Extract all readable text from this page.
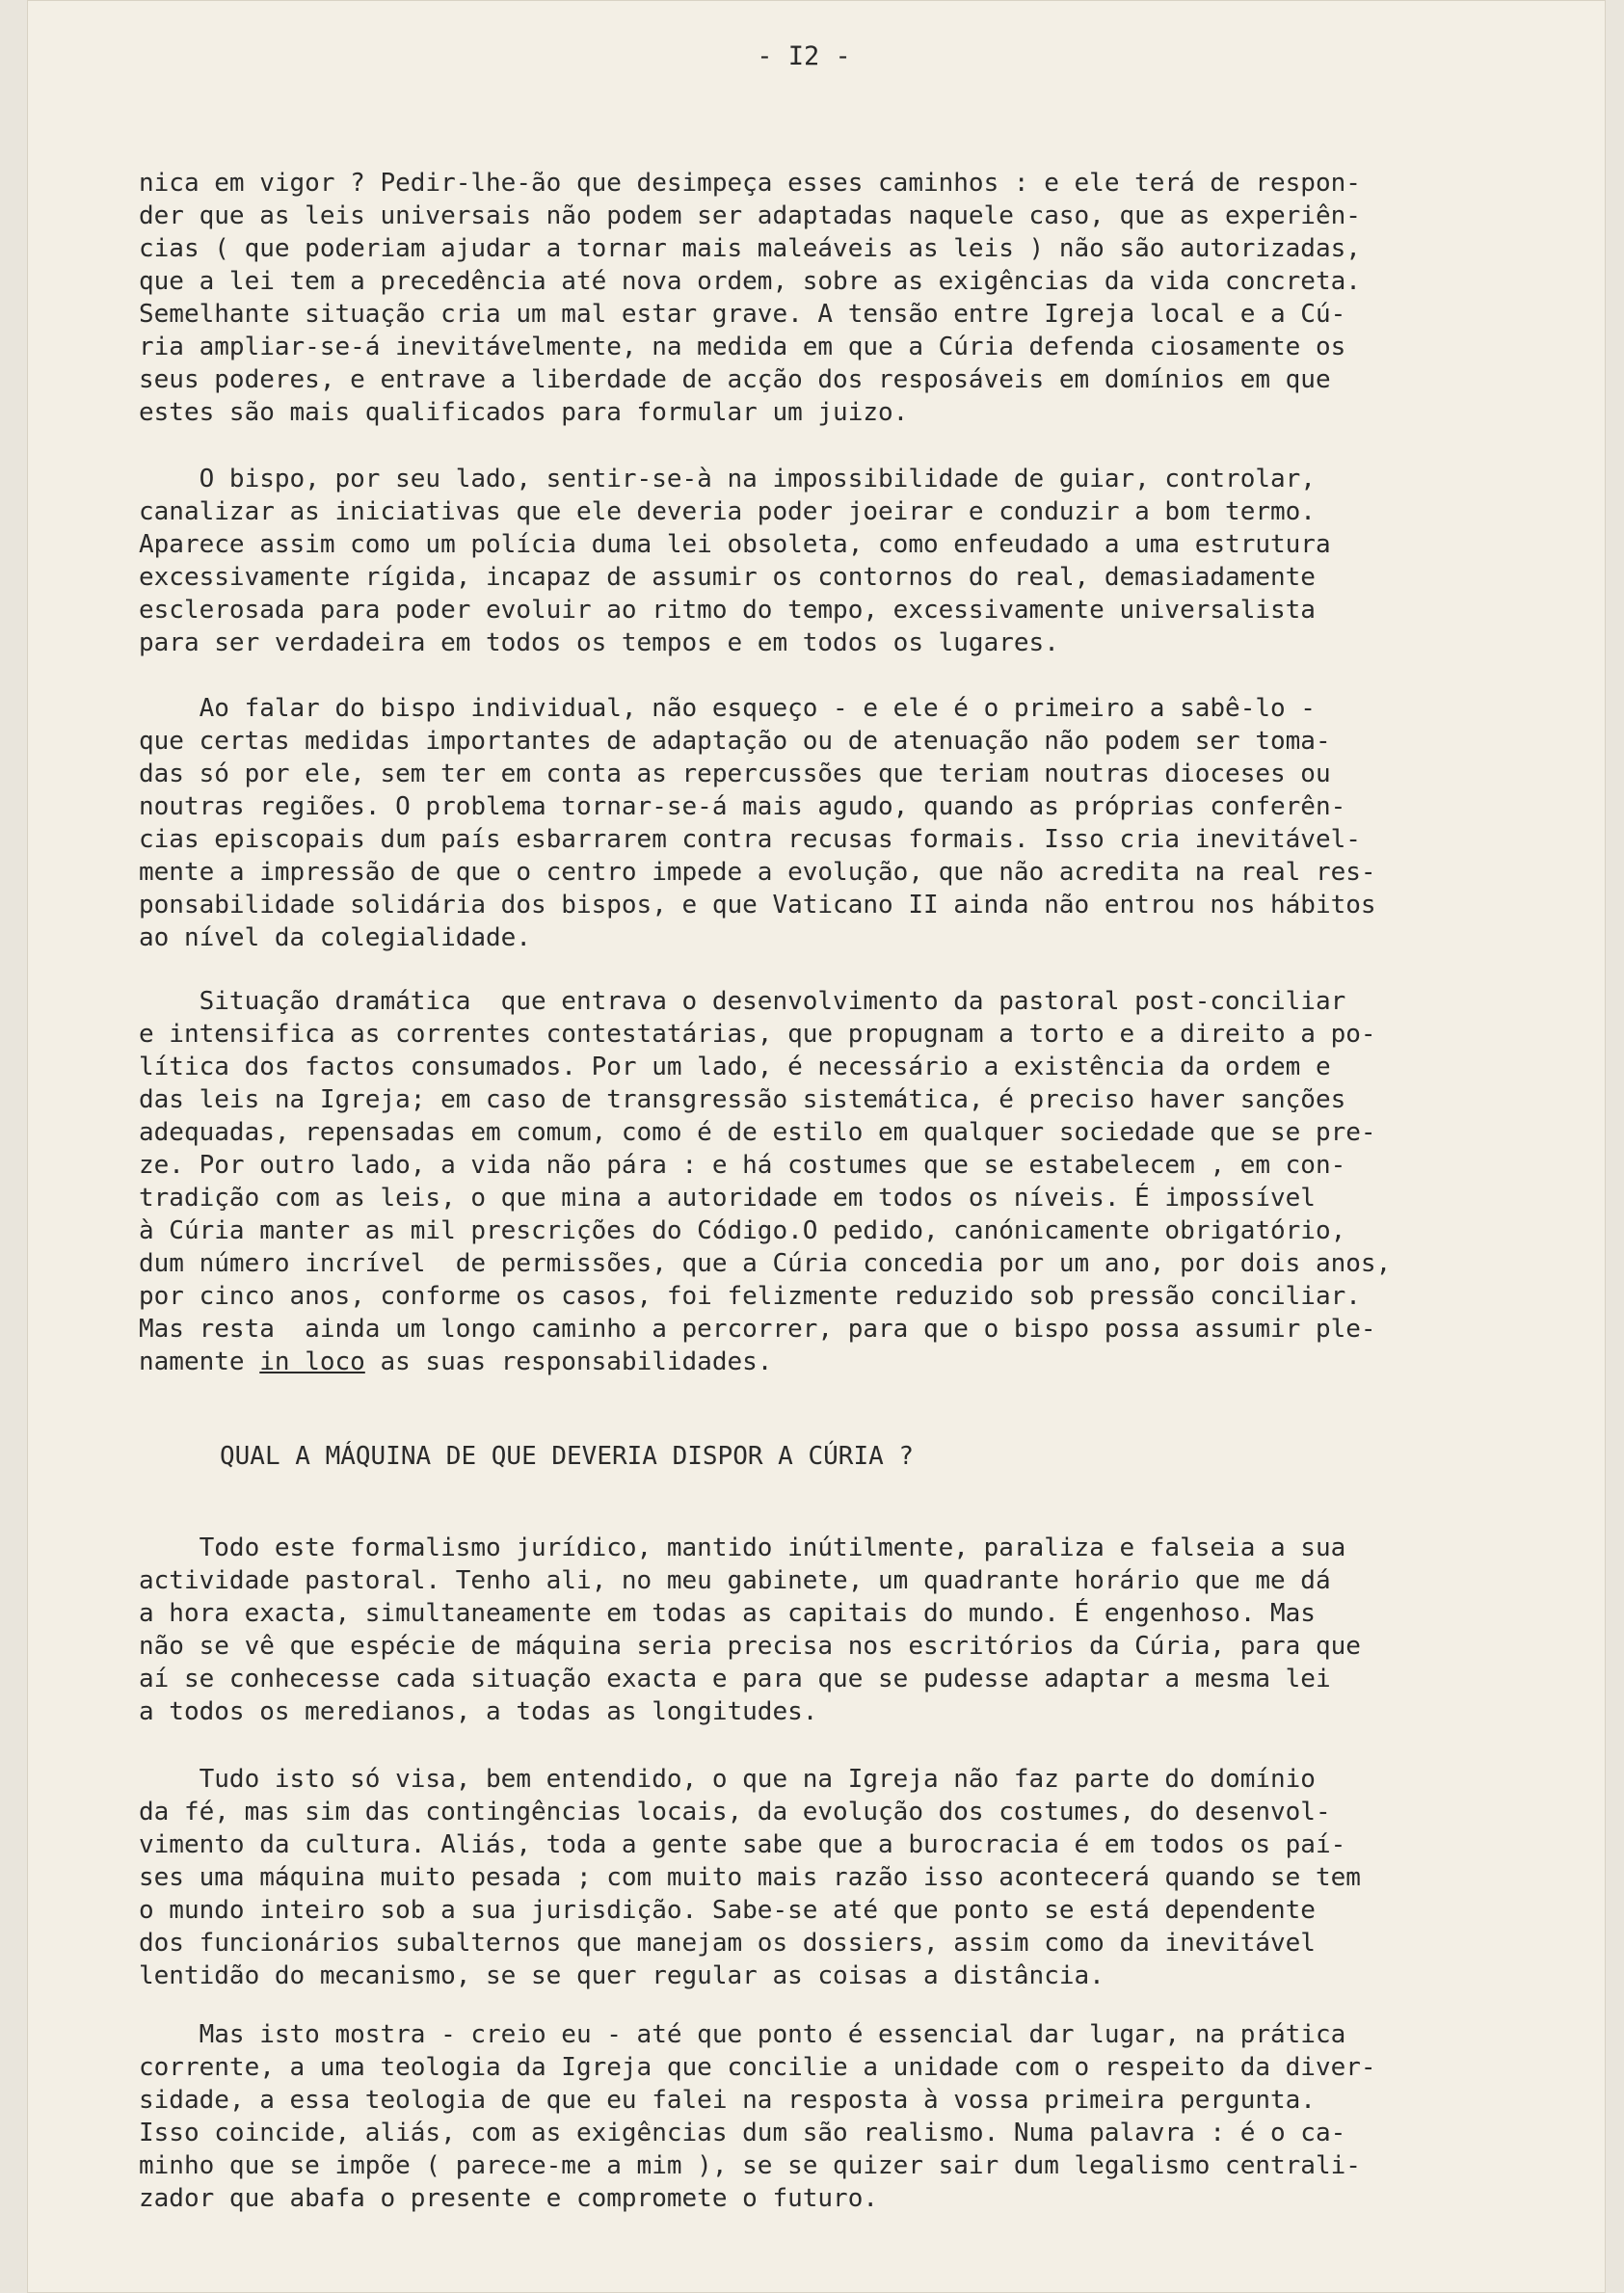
- I2 -
nica em vigor ? Pedir-lhe-ão que desimpeça esses caminhos : e ele terá de respon-
der que as leis universais não podem ser adaptadas naquele caso, que as experiên-
cias ( que poderiam ajudar a tornar mais maleáveis as leis ) não são autorizadas,
que a lei tem a precedência até nova ordem, sobre as exigências da vida concreta.
Semelhante situação cria um mal estar grave. A tensão entre Igreja local e a Cú-
ria ampliar-se-á inevitávelmente, na medida em que a Cúria defenda ciosamente os
seus poderes, e entrave a liberdade de acção dos resposáveis em domínios em que
estes são mais qualificados para formular um juizo.
O bispo, por seu lado, sentir-se-à na impossibilidade de guiar, controlar,
canalizar as iniciativas que ele deveria poder joeirar e conduzir a bom termo.
Aparece assim como um polícia duma lei obsoleta, como enfeudado a uma estrutura
excessivamente rígida, incapaz de assumir os contornos do real, demasiadamente
esclerosada para poder evoluir ao ritmo do tempo, excessivamente universalista
para ser verdadeira em todos os tempos e em todos os lugares.
Ao falar do bispo individual, não esqueço - e ele é o primeiro a sabê-lo -
que certas medidas importantes de adaptação ou de atenuação não podem ser toma-
das só por ele, sem ter em conta as repercussões que teriam noutras dioceses ou
noutras regiões. O problema tornar-se-á mais agudo, quando as próprias conferên-
cias episcopais dum país esbarrarem contra recusas formais. Isso cria inevitável-
mente a impressão de que o centro impede a evolução, que não acredita na real res-
ponsabilidade solidária dos bispos, e que Vaticano II ainda não entrou nos hábitos
ao nível da colegialidade.
Situação dramática  que entrava o desenvolvimento da pastoral post-conciliar
e intensifica as correntes contestatárias, que propugnam a torto e a direito a po-
lítica dos factos consumados. Por um lado, é necessário a existência da ordem e
das leis na Igreja; em caso de transgressão sistemática, é preciso haver sanções
adequadas, repensadas em comum, como é de estilo em qualquer sociedade que se pre-
ze. Por outro lado, a vida não pára : e há costumes que se estabelecem , em con-
tradição com as leis, o que mina a autoridade em todos os níveis. É impossível
à Cúria manter as mil prescrições do Código.O pedido, canónicamente obrigatório,
dum número incrível  de permissões, que a Cúria concedia por um ano, por dois anos,
por cinco anos, conforme os casos, foi felizmente reduzido sob pressão conciliar.
Mas resta  ainda um longo caminho a percorrer, para que o bispo possa assumir ple-
namente in loco as suas responsabilidades.
QUAL A MÁQUINA DE QUE DEVERIA DISPOR A CÚRIA ?
Todo este formalismo jurídico, mantido inútilmente, paraliza e falseia a sua
actividade pastoral. Tenho ali, no meu gabinete, um quadrante horário que me dá
a hora exacta, simultaneamente em todas as capitais do mundo. É engenhoso. Mas
não se vê que espécie de máquina seria precisa nos escritórios da Cúria, para que
aí se conhecesse cada situação exacta e para que se pudesse adaptar a mesma lei
a todos os meredianos, a todas as longitudes.
Tudo isto só visa, bem entendido, o que na Igreja não faz parte do domínio
da fé, mas sim das contingências locais, da evolução dos costumes, do desenvol-
vimento da cultura. Aliás, toda a gente sabe que a burocracia é em todos os paí-
ses uma máquina muito pesada ; com muito mais razão isso acontecerá quando se tem
o mundo inteiro sob a sua jurisdição. Sabe-se até que ponto se está dependente
dos funcionários subalternos que manejam os dossiers, assim como da inevitável
lentidão do mecanismo, se se quer regular as coisas a distância.
Mas isto mostra - creio eu - até que ponto é essencial dar lugar, na prática
corrente, a uma teologia da Igreja que concilie a unidade com o respeito da diver-
sidade, a essa teologia de que eu falei na resposta à vossa primeira pergunta.
Isso coincide, aliás, com as exigências dum são realismo. Numa palavra : é o ca-
minho que se impõe ( parece-me a mim ), se se quizer sair dum legalismo centrali-
zador que abafa o presente e compromete o futuro.
